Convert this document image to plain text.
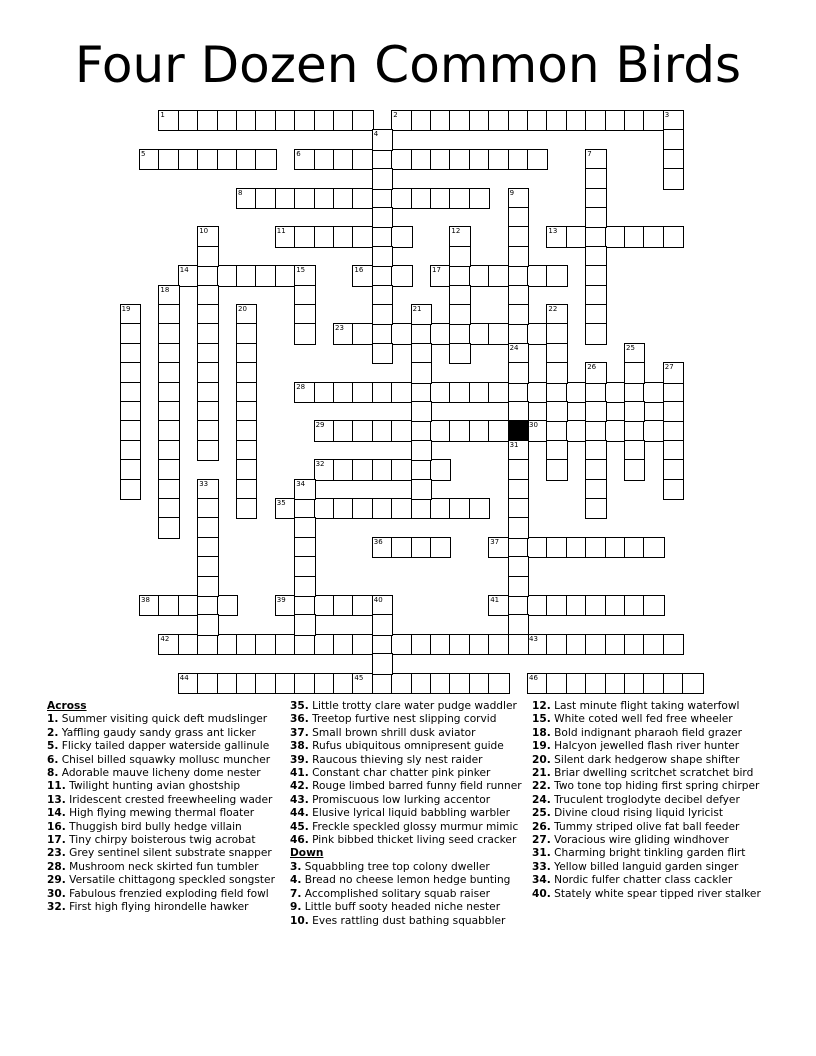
Four Dozen Common Birds
1	2
5	6
8
11	13
14	15	16	17
23
28
29	30
32
35
36	37
38	39	40	41
42	43
44	45	46
3
4
7
9
24
31
10	12
18
19	20	21	22
25
26	27
33	34
Across
1. Summer visiting quick deft mudslinger
2. Yaffling gaudy sandy grass ant licker
5. Flicky tailed dapper waterside gallinule
6. Chisel billed squawky mollusc muncher
8. Adorable mauve licheny dome nester
11. Twilight hunting avian ghostship
13. Iridescent crested freewheeling wader
14. High flying mewing thermal floater
16. Thuggish bird bully hedge villain
17. Tiny chirpy boisterous twig acrobat
23. Grey sentinel silent substrate snapper
28. Mushroom neck skirted fun tumbler
29. Versatile chittagong speckled songster
30. Fabulous frenzied exploding field fowl
32. First high flying hirondelle hawker
35. Little trotty clare water pudge waddler
36. Treetop furtive nest slipping corvid
37. Small brown shrill dusk aviator
38. Rufus ubiquitous omnipresent guide
39. Raucous thieving sly nest raider
41. Constant char chatter pink pinker
42. Rouge limbed barred funny field runner
43. Promiscuous low lurking accentor
44. Elusive lyrical liquid babbling warbler
45. Freckle speckled glossy murmur mimic
46. Pink bibbed thicket living seed cracker
Down
3. Squabbling tree top colony dweller
4. Bread no cheese lemon hedge bunting
7. Accomplished solitary squab raiser
9. Little buff sooty headed niche nester
10. Eves rattling dust bathing squabbler
12. Last minute flight taking waterfowl
15. White coted well fed free wheeler
18. Bold indignant pharaoh field grazer
19. Halcyon jewelled flash river hunter
20. Silent dark hedgerow shape shifter
21. Briar dwelling scritchet scratchet bird
22. Two tone top hiding first spring chirper
24. Truculent troglodyte decibel defyer
25. Divine cloud rising liquid lyricist
26. Tummy striped olive fat ball feeder
27. Voracious wire gliding windhover
31. Charming bright tinkling garden flirt
33. Yellow billed languid garden singer
34. Nordic fulfer chatter class cackler
40. Stately white spear tipped river stalker
